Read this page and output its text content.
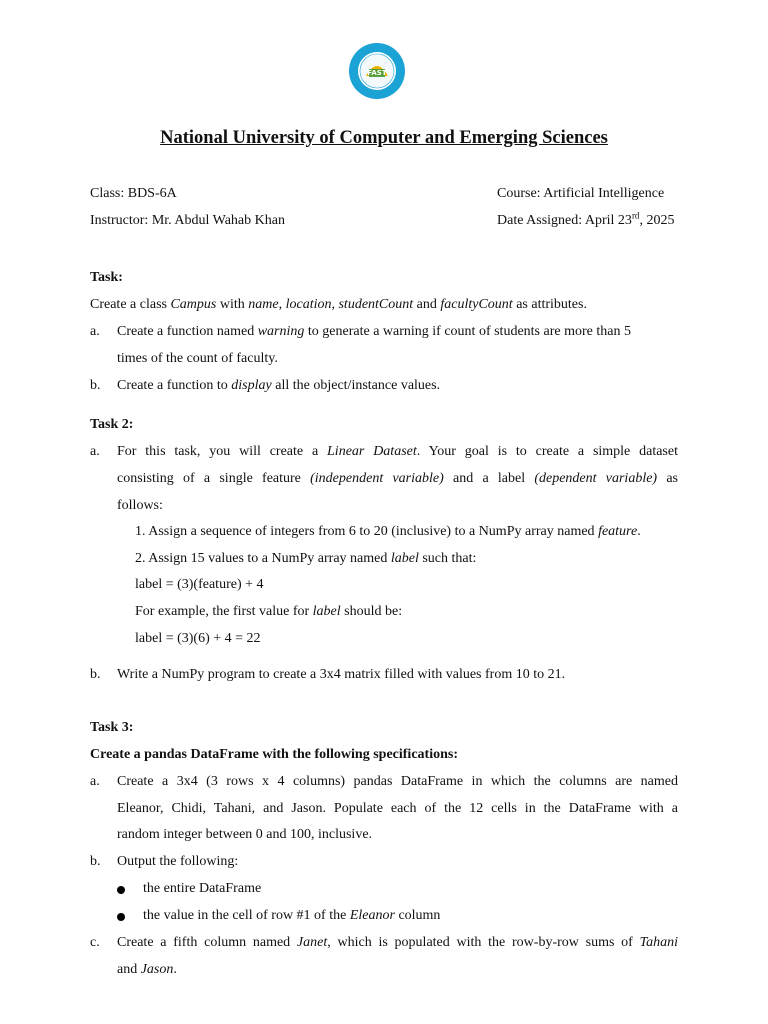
FAST
National University of Computer and Emerging Sciences
Class: BDS-6A
Instructor: Mr. Abdul Wahab Khan
Course: Artificial Intelligence
Date Assigned: April 23rd, 2025
Task:
Create a class Campus with name, location, studentCount and facultyCount as attributes.
a. Create a function named warning to generate a warning if count of students are more than 5
times of the count of faculty.
b. Create a function to display all the object/instance values.
Task 2:
a. For this task, you will create a Linear Dataset. Your goal is to create a simple dataset
consisting of a single feature (independent variable) and a label (dependent variable) as
follows:
1. Assign a sequence of integers from 6 to 20 (inclusive) to a NumPy array named feature.
2. Assign 15 values to a NumPy array named label such that:
label = (3)(feature) + 4
For example, the first value for label should be:
label = (3)(6) + 4 = 22
b. Write a NumPy program to create a 3x4 matrix filled with values from 10 to 21.
Task 3:
Create a pandas DataFrame with the following specifications:
a. Create a 3x4 (3 rows x 4 columns) pandas DataFrame in which the columns are named
Eleanor, Chidi, Tahani, and Jason. Populate each of the 12 cells in the DataFrame with a
random integer between 0 and 100, inclusive.
b. Output the following:
the entire DataFrame
the value in the cell of row #1 of the Eleanor column
c. Create a fifth column named Janet, which is populated with the row-by-row sums of Tahani
and Jason.
